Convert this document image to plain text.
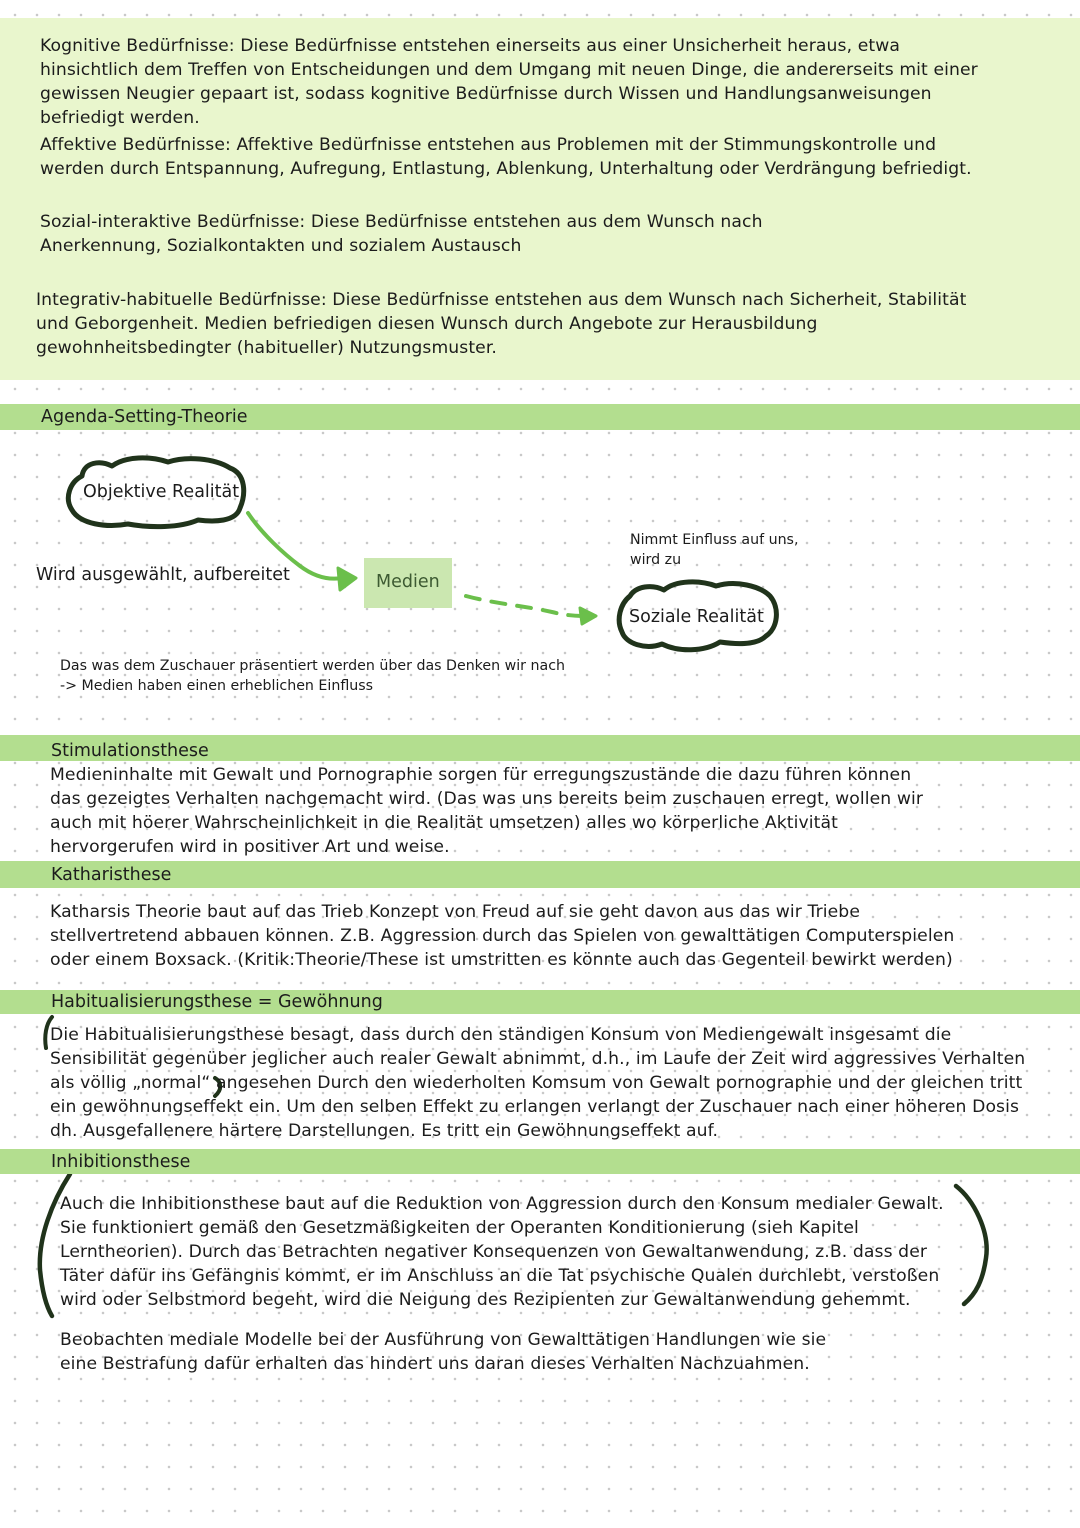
Kognitive Bedürfnisse: Diese Bedürfnisse entstehen einerseits aus einer Unsicherheit heraus, etwa hinsichtlich dem Treffen von Entscheidungen und dem Umgang mit neuen Dinge, die andererseits mit einer gewissen Neugier gepaart ist, sodass kognitive Bedürfnisse durch Wissen und Handlungsanweisungen befriedigt werden.

Affektive Bedürfnisse: Affektive Bedürfnisse entstehen aus Problemen mit der Stimmungskontrolle und werden durch Entspannung, Aufregung, Entlastung, Ablenkung, Unterhaltung oder Verdrängung befriedigt.

Sozial-interaktive Bedürfnisse: Diese Bedürfnisse entstehen aus dem Wunsch nach Anerkennung, Sozialkontakten und sozialem Austausch

Integrativ-habituelle Bedürfnisse: Diese Bedürfnisse entstehen aus dem Wunsch nach Sicherheit, Stabilität und Geborgenheit. Medien befriedigen diesen Wunsch durch Angebote zur Herausbildung gewohnheitsbedingter (habitueller) Nutzungsmuster.

Agenda-Setting-Theorie
Objektive Realität
Wird ausgewählt, aufbereitet	Medien
Nimmt Einfluss auf uns,
wird zu
Soziale Realität
Das was dem Zuschauer präsentiert werden über das Denken wir nach
-> Medien haben einen erheblichen Einfluss
Stimulationsthese

Medieninhalte mit Gewalt und Pornographie sorgen für erregungszustände die dazu führen können das gezeigtes Verhalten nachgemacht wird. (Das was uns bereits beim zuschauen erregt, wollen wir auch mit höerer Wahrscheinlichkeit in die Realität umsetzen) alles wo körperliche Aktivität hervorgerufen wird in positiver Art und weise.

Katharisthese

Katharsis Theorie baut auf das Trieb Konzept von Freud auf sie geht davon aus das wir Triebe stellvertretend abbauen können. Z.B. Aggression durch das Spielen von gewalttätigen Computerspielen oder einem Boxsack. (Kritik:Theorie/These ist umstritten es könnte auch das Gegenteil bewirkt werden)

Habitualisierungsthese = Gewöhnung

Die Habitualisierungsthese besagt, dass durch den ständigen Konsum von Mediengewalt insgesamt die Sensibilität gegenüber jeglicher auch realer Gewalt abnimmt, d.h., im Laufe der Zeit wird aggressives Verhalten als völlig „normal“ angesehen Durch den wiederholten Komsum von Gewalt pornographie und der gleichen tritt ein gewöhnungseffekt ein. Um den selben Effekt zu erlangen verlangt der Zuschauer nach einer höheren Dosis dh. Ausgefallenere härtere Darstellungen. Es tritt ein Gewöhnungseffekt auf.

Inhibitionsthese

Auch die Inhibitionsthese baut auf die Reduktion von Aggression durch den Konsum medialer Gewalt. Sie funktioniert gemäß den Gesetzmäßigkeiten der Operanten Konditionierung (sieh Kapitel Lerntheorien). Durch das Betrachten negativer Konsequenzen von Gewaltanwendung, z.B. dass der Täter dafür ins Gefängnis kommt, er im Anschluss an die Tat psychische Qualen durchlebt, verstoßen wird oder Selbstmord begeht, wird die Neigung des Rezipienten zur Gewaltanwendung gehemmt.

Beobachten mediale Modelle bei der Ausführung von Gewalttätigen Handlungen wie sie eine Bestrafung dafür erhalten das hindert uns daran dieses Verhalten Nachzuahmen.
